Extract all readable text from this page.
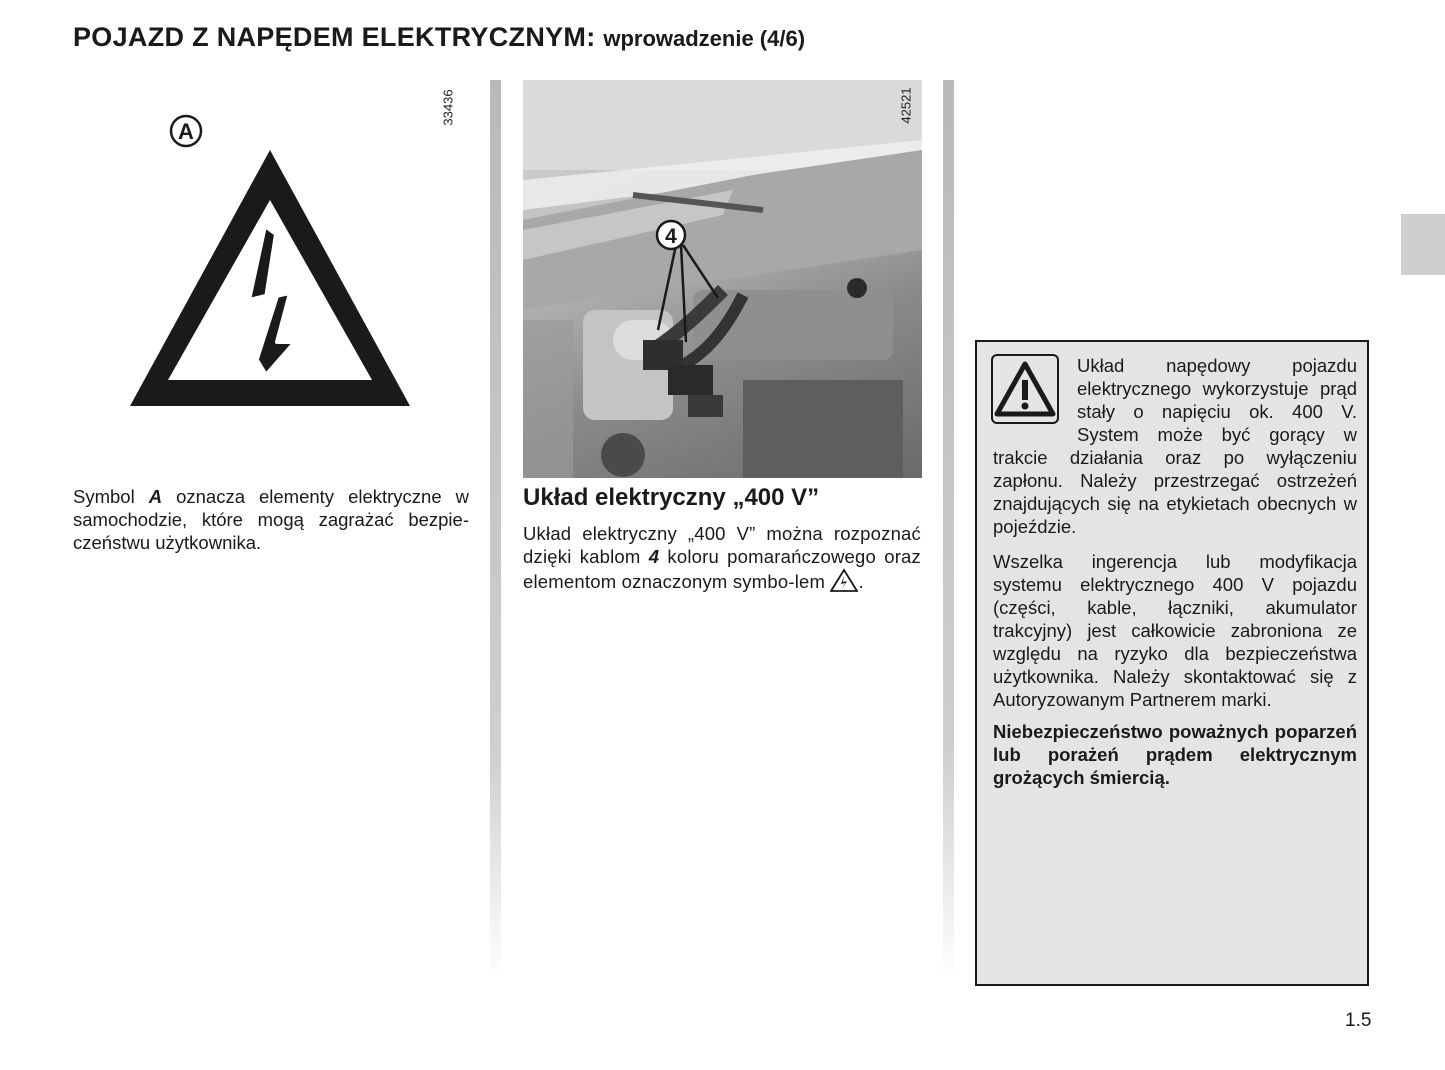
POJAZD Z NAPĘDEM ELEKTRYCZNYM: wprowadzenie (4/6)
33436
A

Symbol A oznacza elementy elektryczne w samochodzie, które mogą zagrażać bezpie-czeństwu użytkownika.

4
42521
Układ elektryczny „400 V”

Układ elektryczny „400 V” można rozpoznać dzięki kablom 4 koloru pomarańczowego oraz elementom oznaczonym symbo-lem .

Układ napędowy pojazdu elektrycznego wykorzystuje prąd stały o napięciu ok. 400 V. System może być gorący w trakcie działania oraz po wyłączeniu zapłonu. Należy przestrzegać ostrzeżeń znajdujących się na etykietach obecnych w pojeździe.

Wszelka ingerencja lub modyfikacja systemu elektrycznego 400 V pojazdu (części, kable, łączniki, akumulator trakcyjny) jest całkowicie zabroniona ze względu na ryzyko dla bezpieczeństwa użytkownika. Należy skontaktować się z Autoryzowanym Partnerem marki.

Niebezpieczeństwo poważnych poparzeń lub porażeń prądem elektrycznym grożących śmiercią.

1.5
